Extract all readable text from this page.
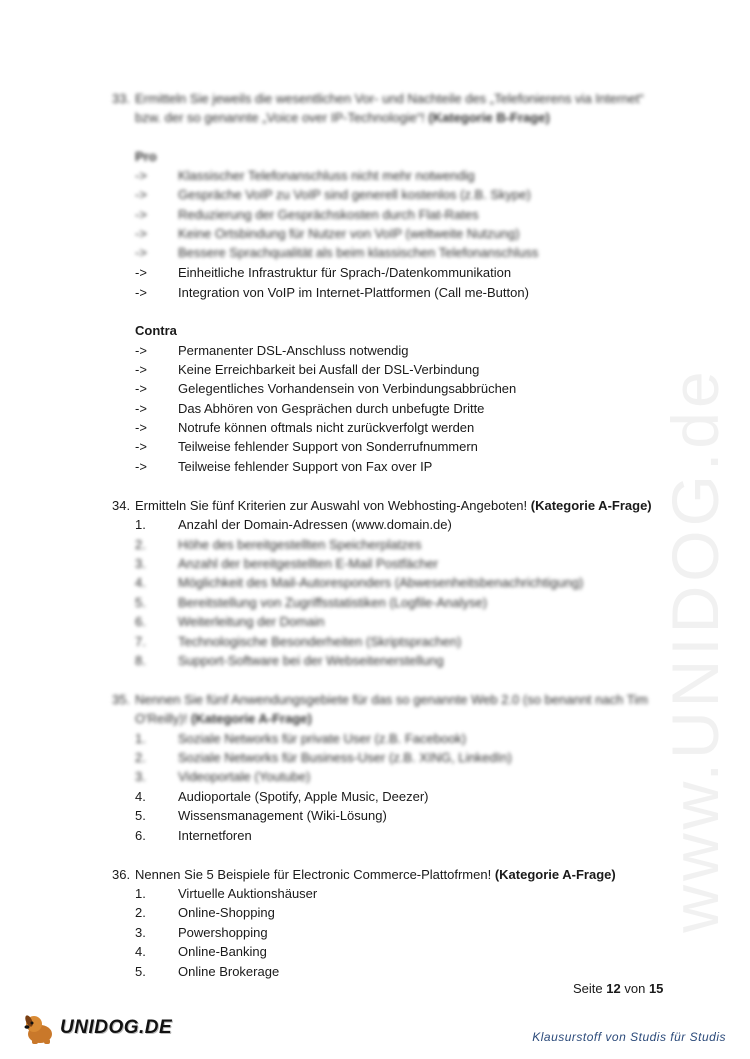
www.UNIDOG.de
33. Ermitteln Sie jeweils die wesentlichen Vor- und Nachteile des „Telefonierens via Internet“
bzw. der so genannte „Voice over IP-Technologie“! (Kategorie B-Frage)
Pro
-> Klassischer Telefonanschluss nicht mehr notwendig
-> Gespräche VoIP zu VoIP sind generell kostenlos (z.B. Skype)
-> Reduzierung der Gesprächskosten durch Flat-Rates
-> Keine Ortsbindung für Nutzer von VoIP (weltweite Nutzung)
-> Bessere Sprachqualität als beim klassischen Telefonanschluss
-> Einheitliche Infrastruktur für Sprach-/Datenkommunikation
-> Integration von VoIP im Internet-Plattformen (Call me-Button)
Contra
-> Permanenter DSL-Anschluss notwendig
-> Keine Erreichbarkeit bei Ausfall der DSL-Verbindung
-> Gelegentliches Vorhandensein von Verbindungsabbrüchen
-> Das Abhören von Gesprächen durch unbefugte Dritte
-> Notrufe können oftmals nicht zurückverfolgt werden
-> Teilweise fehlender Support von Sonderrufnummern
-> Teilweise fehlender Support von Fax over IP
34. Ermitteln Sie fünf Kriterien zur Auswahl von Webhosting-Angeboten! (Kategorie A-Frage)
1. Anzahl der Domain-Adressen (www.domain.de)
2. Höhe des bereitgestellten Speicherplatzes
3. Anzahl der bereitgestellten E-Mail Postfächer
4. Möglichkeit des Mail-Autoresponders (Abwesenheitsbenachrichtigung)
5. Bereitstellung von Zugriffsstatistiken (Logfile-Analyse)
6. Weiterleitung der Domain
7. Technologische Besonderheiten (Skriptsprachen)
8. Support-Software bei der Webseitenerstellung
35. Nennen Sie fünf Anwendungsgebiete für das so genannte Web 2.0 (so benannt nach Tim
O'Reilly)! (Kategorie A-Frage)
1. Soziale Networks für private User (z.B. Facebook)
2. Soziale Networks für Business-User (z.B. XING, LinkedIn)
3. Videoportale (Youtube)
4. Audioportale (Spotify, Apple Music, Deezer)
5. Wissensmanagement (Wiki-Lösung)
6. Internetforen
36. Nennen Sie 5 Beispiele für Electronic Commerce-Plattofrmen! (Kategorie A-Frage)
1. Virtuelle Auktionshäuser
2. Online-Shopping
3. Powershopping
4. Online-Banking
5. Online Brokerage
Seite 12 von 15
UNIDOG.DE	Klausurstoff von Studis für Studis
